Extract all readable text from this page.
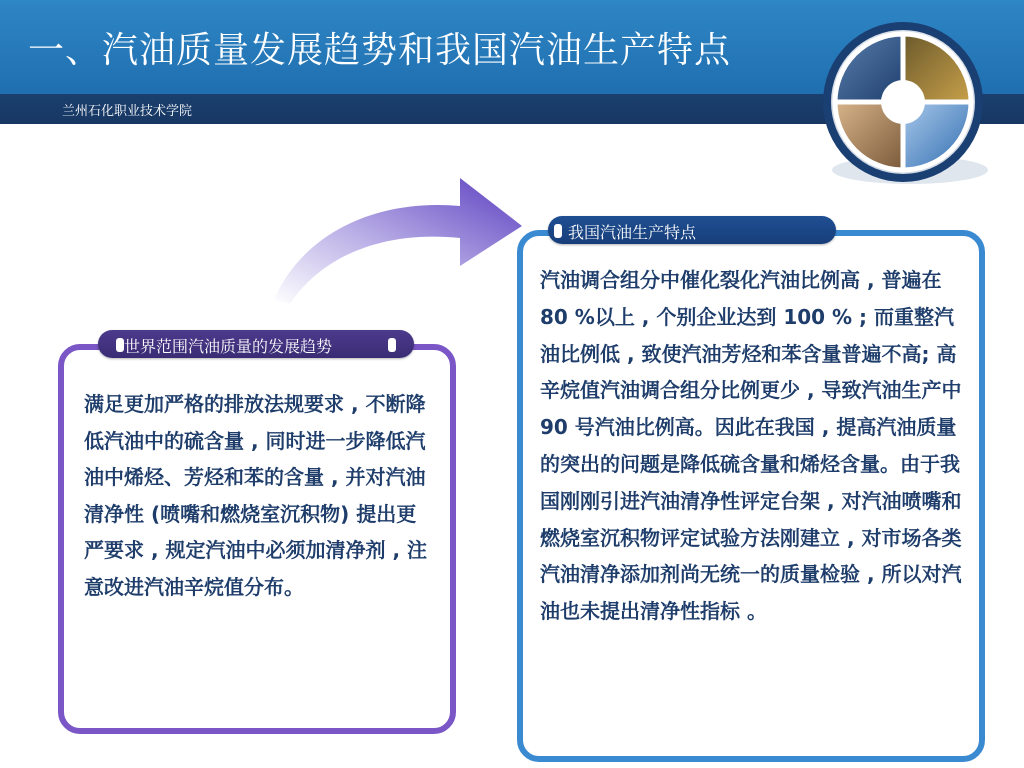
一、汽油质量发展趋势和我国汽油生产特点
兰州石化职业技术学院
世界范围汽油质量的发展趋势
满足更加严格的排放法规要求 , 不断降低汽油中的硫含量 , 同时进一步降低汽油中烯烃、芳烃和苯的含量 , 并对汽油清净性 (喷嘴和燃烧室沉积物) 提出更严要求 , 规定汽油中必须加清净剂 , 注意改进汽油辛烷值分布。
我国汽油生产特点
汽油调合组分中催化裂化汽油比例高 , 普遍在 80 %以上 , 个别企业达到 100 % ; 而重整汽油比例低 , 致使汽油芳烃和苯含量普遍不高; 高辛烷值汽油调合组分比例更少 , 导致汽油生产中 90 号汽油比例高。因此在我国 , 提高汽油质量的突出的问题是降低硫含量和烯烃含量。由于我国刚刚引进汽油清净性评定台架 , 对汽油喷嘴和燃烧室沉积物评定试验方法刚建立 , 对市场各类汽油清净添加剂尚无统一的质量检验 , 所以对汽油也未提出清净性指标 。
